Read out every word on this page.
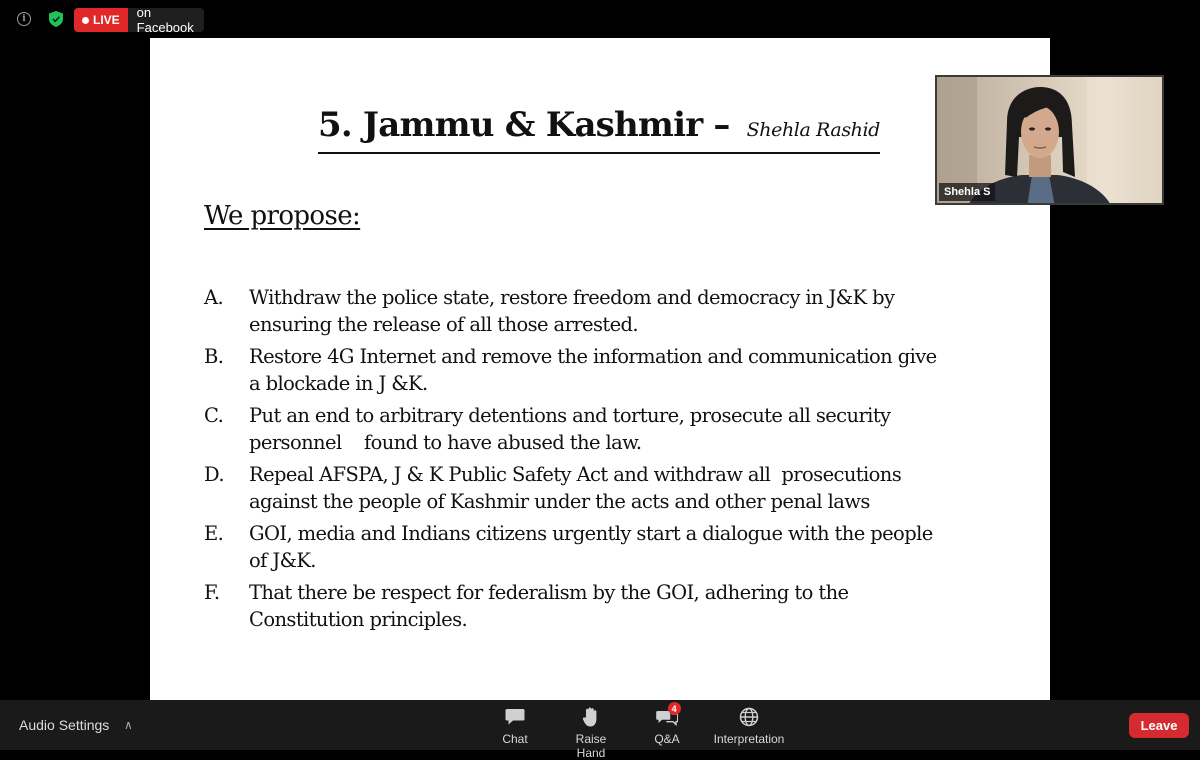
i	LIVE on Facebook
5. Jammu & Kashmir – Shehla Rashid
We propose:
A. Withdraw the police state, restore freedom and democracy in J&K by
ensuring the release of all those arrested.
B. Restore 4G Internet and remove the information and communication give
a blockade in J &K.
C. Put an end to arbitrary detentions and torture, prosecute all security
personnel    found to have abused the law.
D. Repeal AFSPA, J & K Public Safety Act and withdraw all  prosecutions
against the people of Kashmir under the acts and other penal laws
E. GOI, media and Indians citizens urgently start a dialogue with the people
of J&K.
F. That there be respect for federalism by the GOI, adhering to the
Constitution principles.
Shehla S
Audio Settings ∧
Chat	Raise Hand
4
Q&A	Interpretation
Leave
